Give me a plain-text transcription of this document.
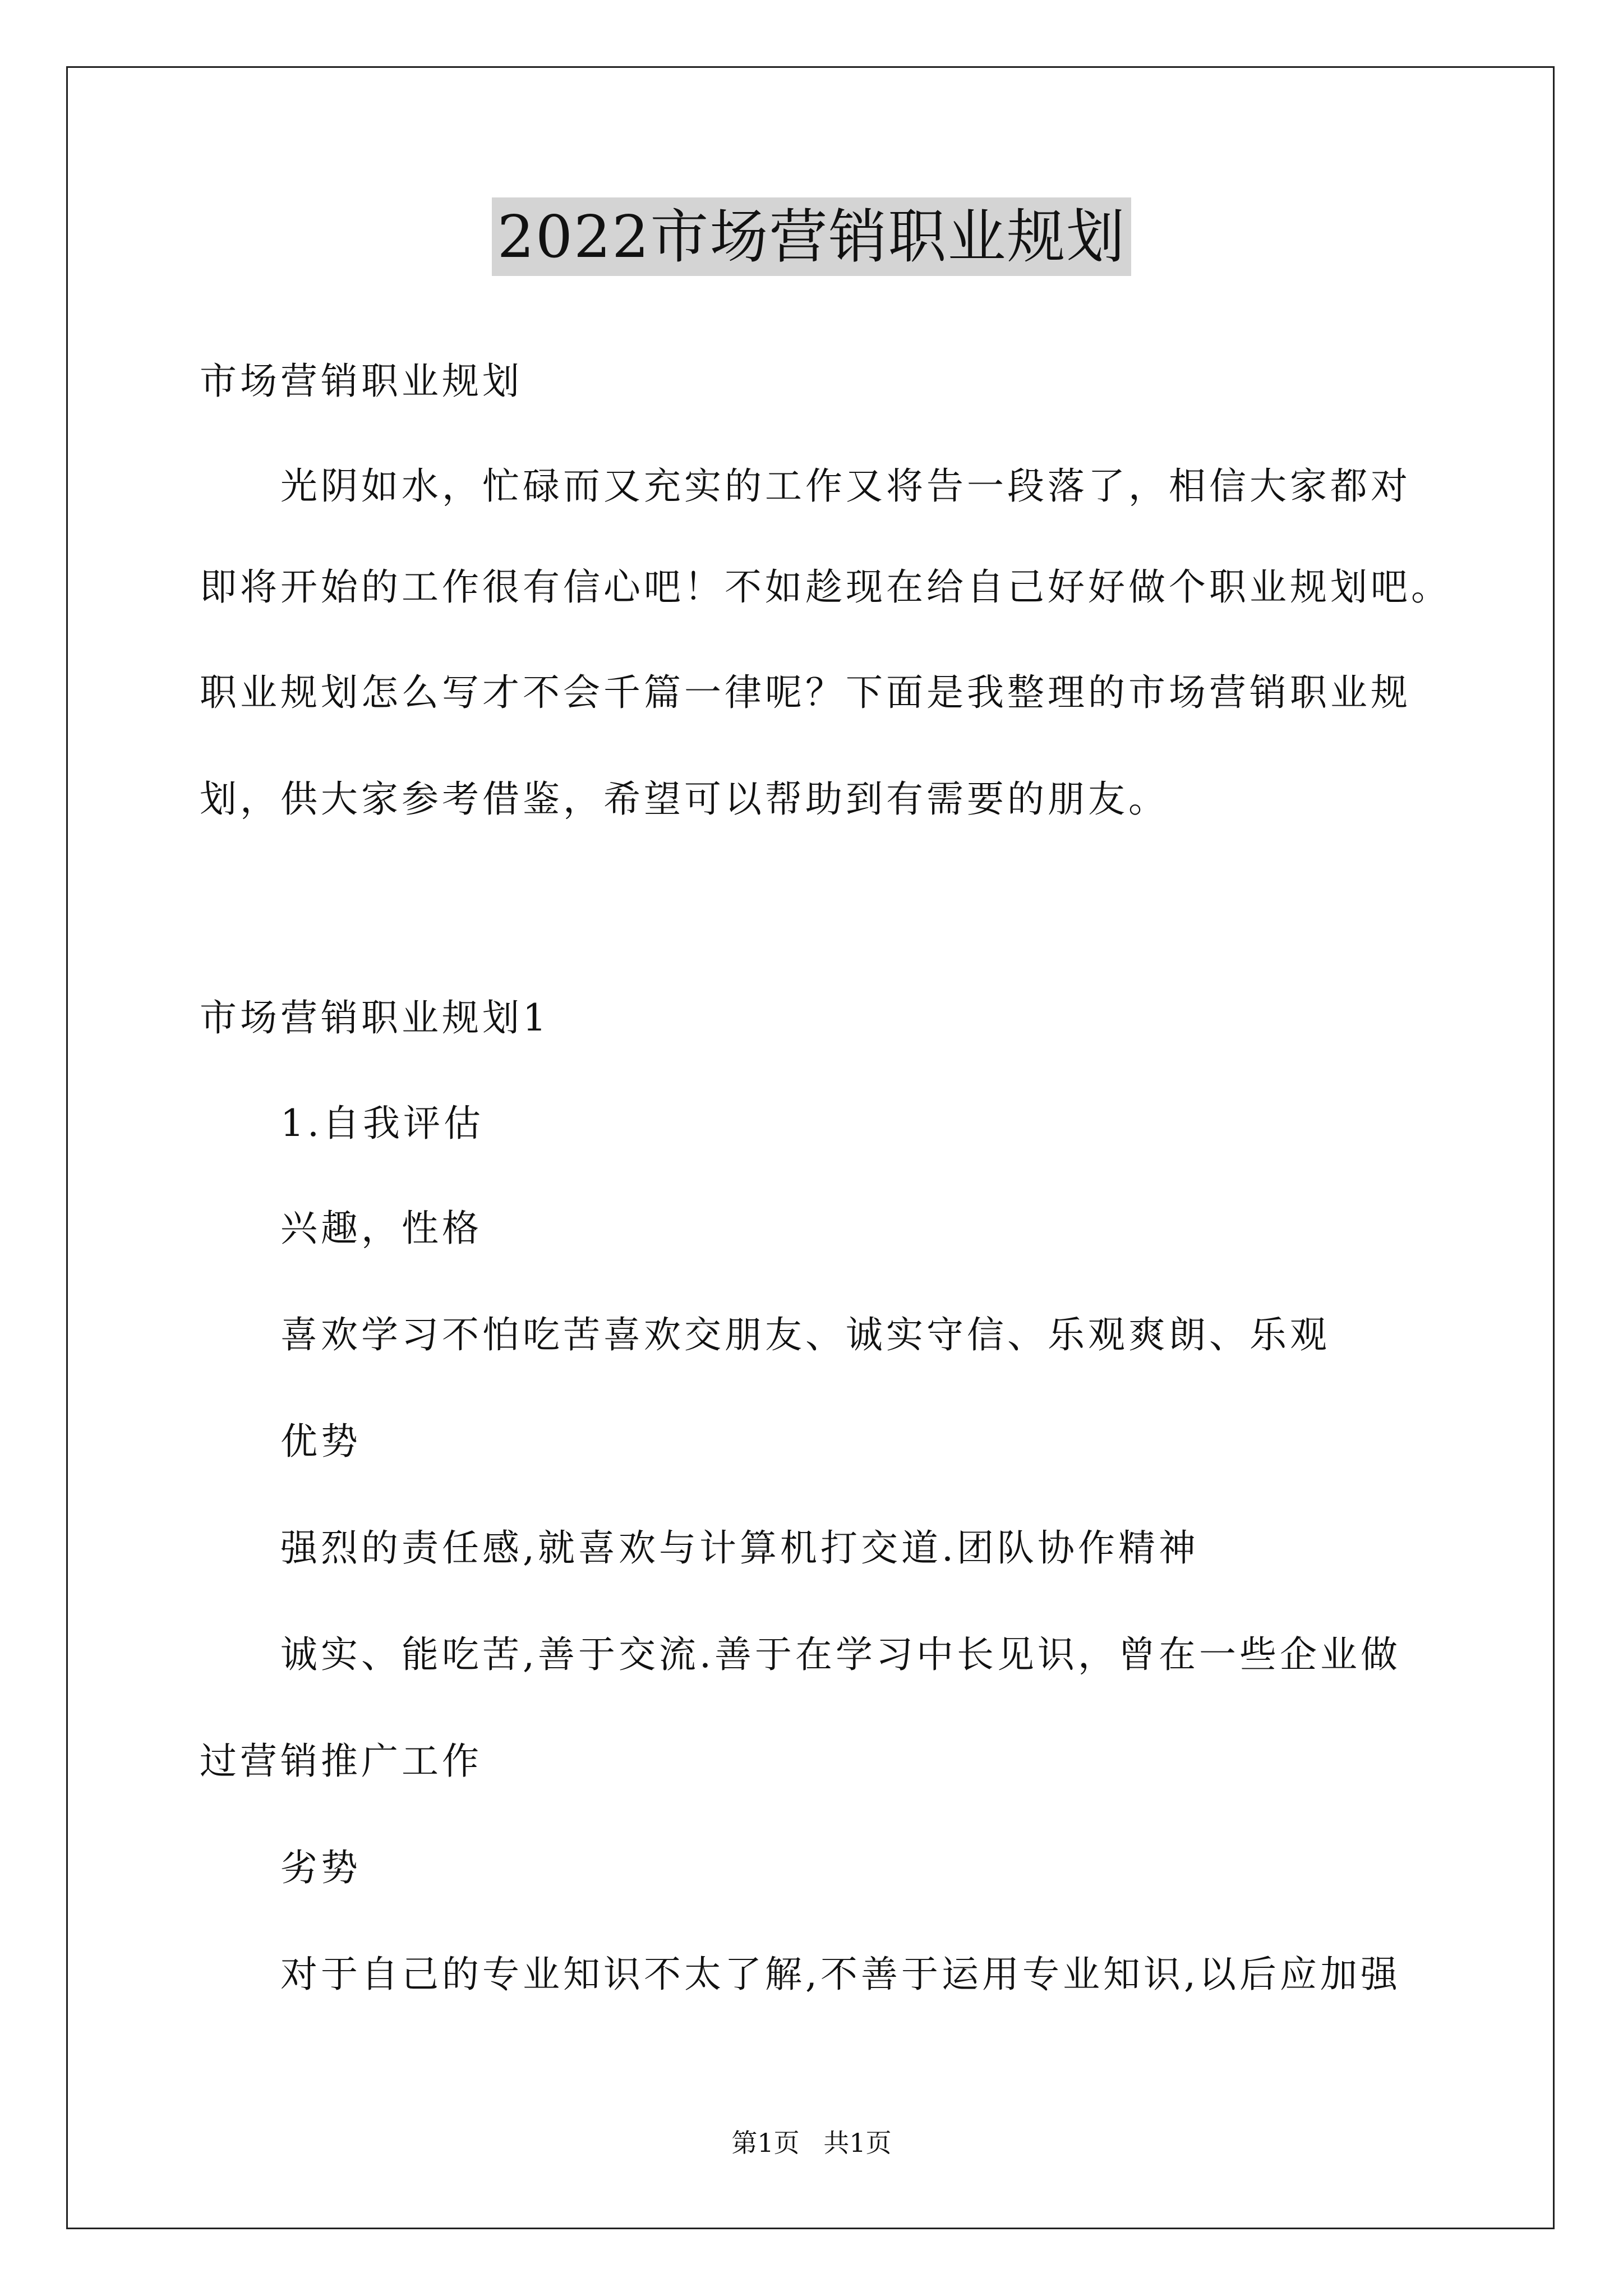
2022市场营销职业规划
市场营销职业规划
光阴如水，忙碌而又充实的工作又将告一段落了，相信大家都对
即将开始的工作很有信心吧！不如趁现在给自己好好做个职业规划吧。
职业规划怎么写才不会千篇一律呢？下面是我整理的市场营销职业规
划，供大家参考借鉴，希望可以帮助到有需要的朋友。
市场营销职业规划1
1.自我评估
兴趣，性格
喜欢学习不怕吃苦喜欢交朋友、诚实守信、乐观爽朗、乐观
优势
强烈的责任感,就喜欢与计算机打交道.团队协作精神
诚实、能吃苦,善于交流.善于在学习中长见识，曾在一些企业做
过营销推广工作
劣势
对于自己的专业知识不太了解,不善于运用专业知识,以后应加强
第1页 共1页
